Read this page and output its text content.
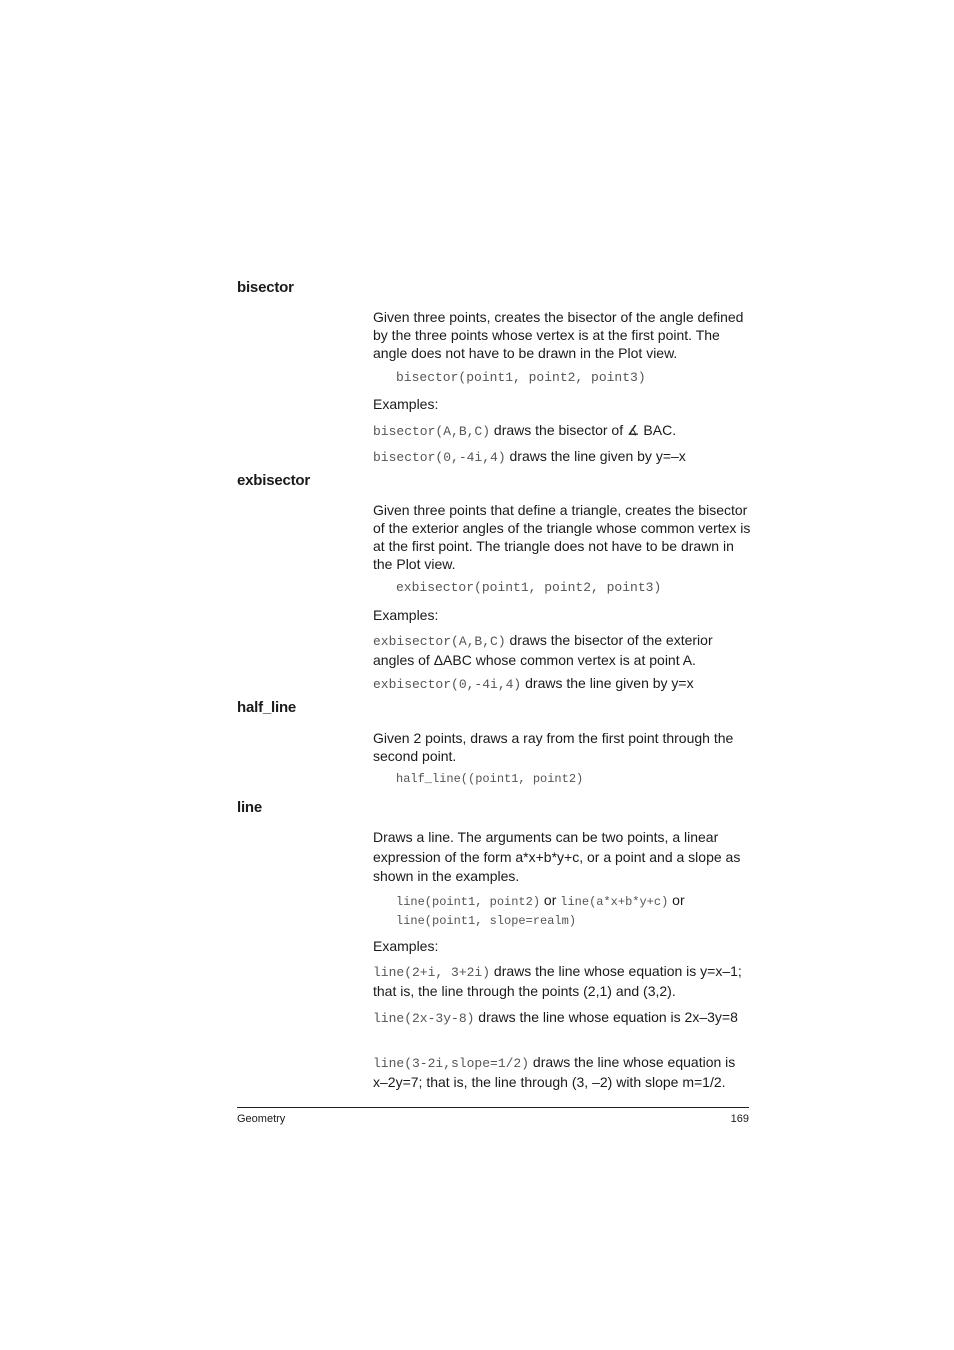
bisector
Given three points, creates the bisector of the angle defined by the three points whose vertex is at the first point. The angle does not have to be drawn in the Plot view.
bisector(point1, point2, point3)
Examples:
bisector(A,B,C) draws the bisector of ∡ BAC.
bisector(0,-4i,4) draws the line given by y=–x
exbisector
Given three points that define a triangle, creates the bisector of the exterior angles of the triangle whose common vertex is at the first point. The triangle does not have to be drawn in the Plot view.
exbisector(point1, point2, point3)
Examples:
exbisector(A,B,C) draws the bisector of the exterior angles of ΔABC whose common vertex is at point A.
exbisector(0,-4i,4) draws the line given by y=x
half_line
Given 2 points, draws a ray from the first point through the second point.
half_line((point1, point2)
line
Draws a line. The arguments can be two points, a linear expression of the form a*x+b*y+c, or a point and a slope as shown in the examples.
line(point1, point2) or line(a*x+b*y+c) or
line(point1, slope=realm)
Examples:
line(2+i, 3+2i) draws the line whose equation is y=x–1; that is, the line through the points (2,1) and (3,2).
line(2x-3y-8) draws the line whose equation is 2x–3y=8
line(3-2i,slope=1/2) draws the line whose equation is x–2y=7; that is, the line through (3, –2) with slope m=1/2.
Geometry	169
